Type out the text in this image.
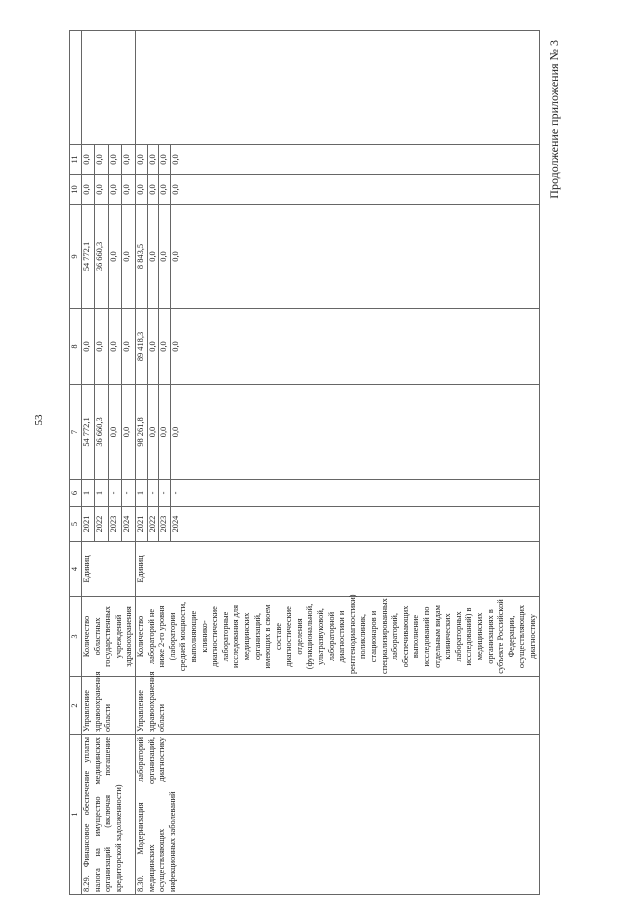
53
1	2	3	4	5	6	7	8	9	10	11	
8.29. Финансовое обеспечение уплаты налога на имущество медицинских организаций (включая погашение кредиторской задолженности)	Управление здравоохранения области	Количество областных государственных учреждений здравоохранения	Единиц	2021	1	54 772,1	0,0	54 772,1	0,0	0,0	
				2022	1	36 660,3	0,0	36 660,3	0,0	0,0	
				2023	-	0,0	0,0	0,0	0,0	0,0	
				2024	-	0,0	0,0	0,0	0,0	0,0	
8.30. Модернизация лабораторий медицинских организаций, осуществляющих диагностику инфекционных заболеваний	Управление здравоохранения области	Количество лабораторий не ниже 2-го уровня (лаборатории средней мощности, выполняющие клинико-диагностические лабораторные исследования для медицинских организаций, имеющих в своем составе диагностические отделения (функциональной, ультразвуковой, лабораторной диагностики и рентгенодиагностики) поликлиник, стационаров и специализированных лабораторий, обеспечивающих выполнение исследований по отдельным видам клинических лабораторных исследований) в медицинских организациях в субъекте Российской Федерации, осуществляющих диагностику	Единиц	2021	1	98 261,8	89 418,3	8 843,5	0,0	0,0	
				2022	-	0,0	0,0	0,0	0,0	0,0	
				2023	-	0,0	0,0	0,0	0,0	0,0	
				2024	-	0,0	0,0	0,0	0,0	0,0		Продолжение приложения № 3
